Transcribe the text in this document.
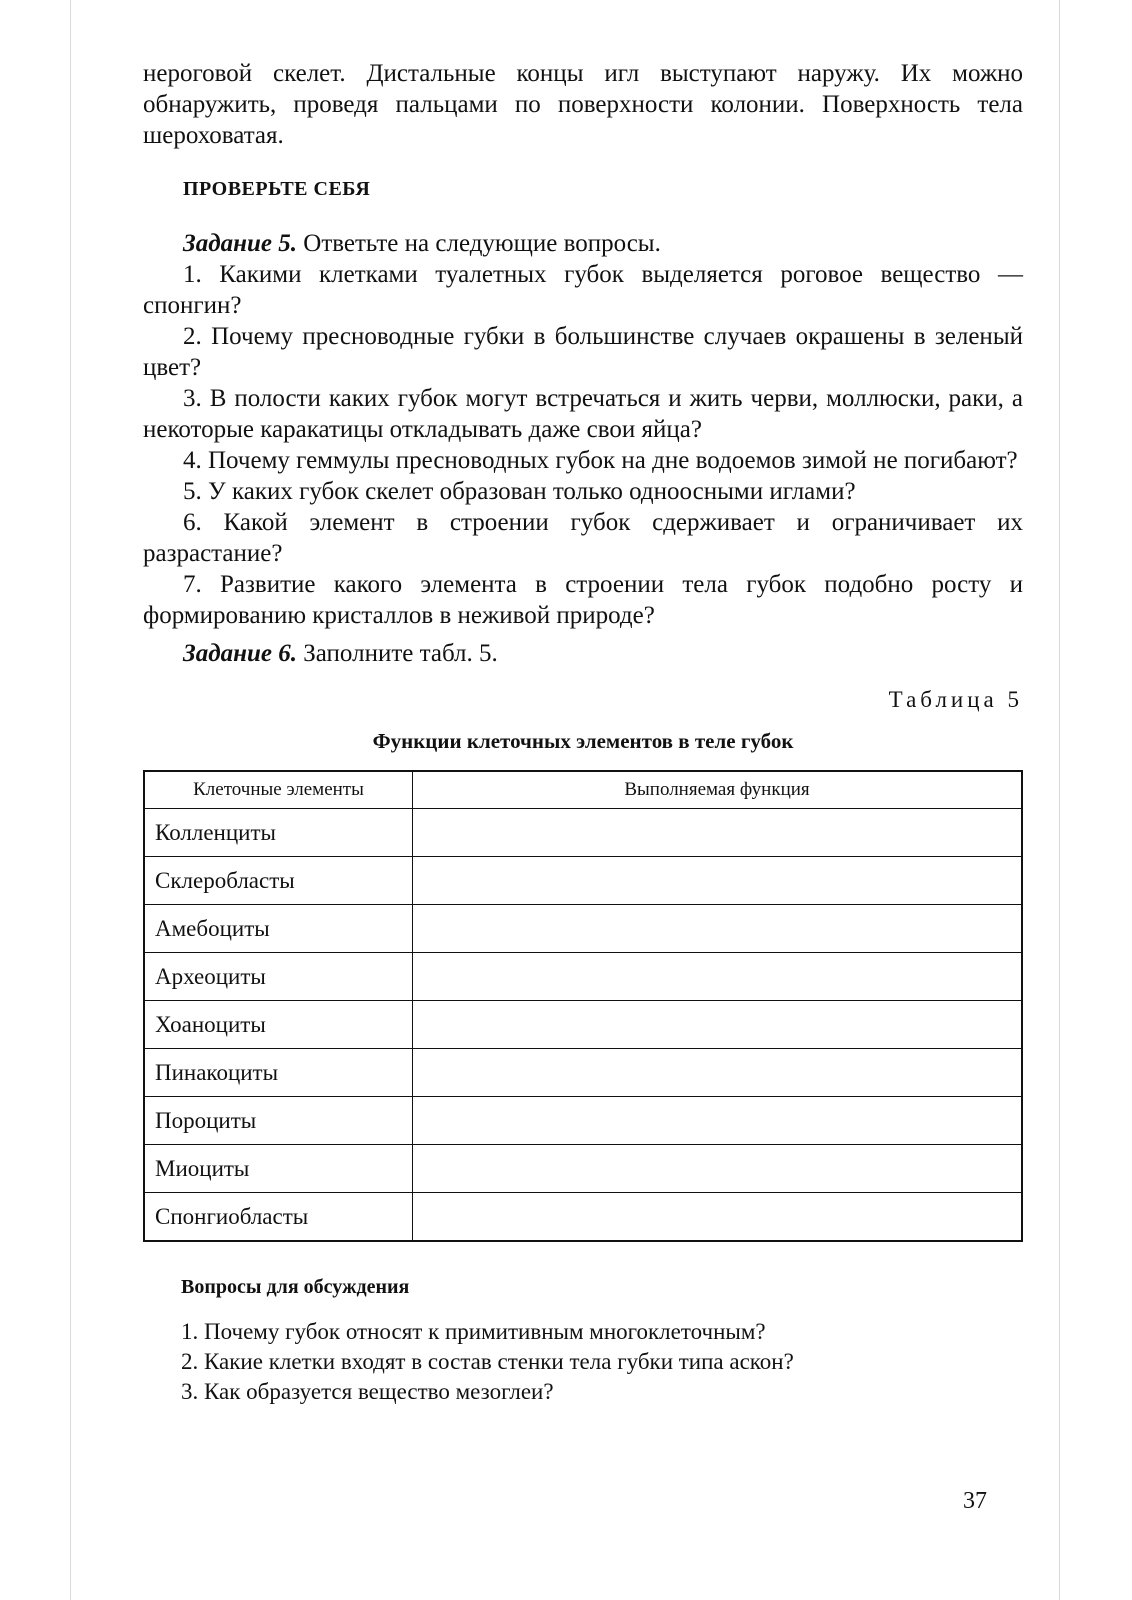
нероговой скелет. Дистальные концы игл выступают наружу. Их можно обнаружить, проведя пальцами по поверхности колонии. Поверхность тела шероховатая.

ПРОВЕРЬТЕ СЕБЯ

Задание 5. Ответьте на следующие вопросы.

1. Какими клетками туалетных губок выделяется роговое вещество — спонгин?

2. Почему пресноводные губки в большинстве случаев окрашены в зеленый цвет?

3. В полости каких губок могут встречаться и жить черви, моллюски, раки, а некоторые каракатицы откладывать даже свои яйца?

4. Почему геммулы пресноводных губок на дне водоемов зимой не погибают?

5. У каких губок скелет образован только одноосными иглами?

6. Какой элемент в строении губок сдерживает и ограничивает их разрастание?

7. Развитие какого элемента в строении тела губок подобно росту и формированию кристаллов в неживой природе?

Задание 6. Заполните табл. 5.

Таблица 5
Функции клеточных элементов в теле губок
Клеточные элементы	Выполняемая функция
Колленциты	
Склеробласты	
Амебоциты	
Археоциты	
Хоаноциты	
Пинакоциты	
Пороциты	
Миоциты	
Спонгиобласты	
Вопросы для обсуждения
1. Почему губок относят к примитивным многоклеточным?
2. Какие клетки входят в состав стенки тела губки типа аскон?
3. Как образуется вещество мезоглеи?
37
